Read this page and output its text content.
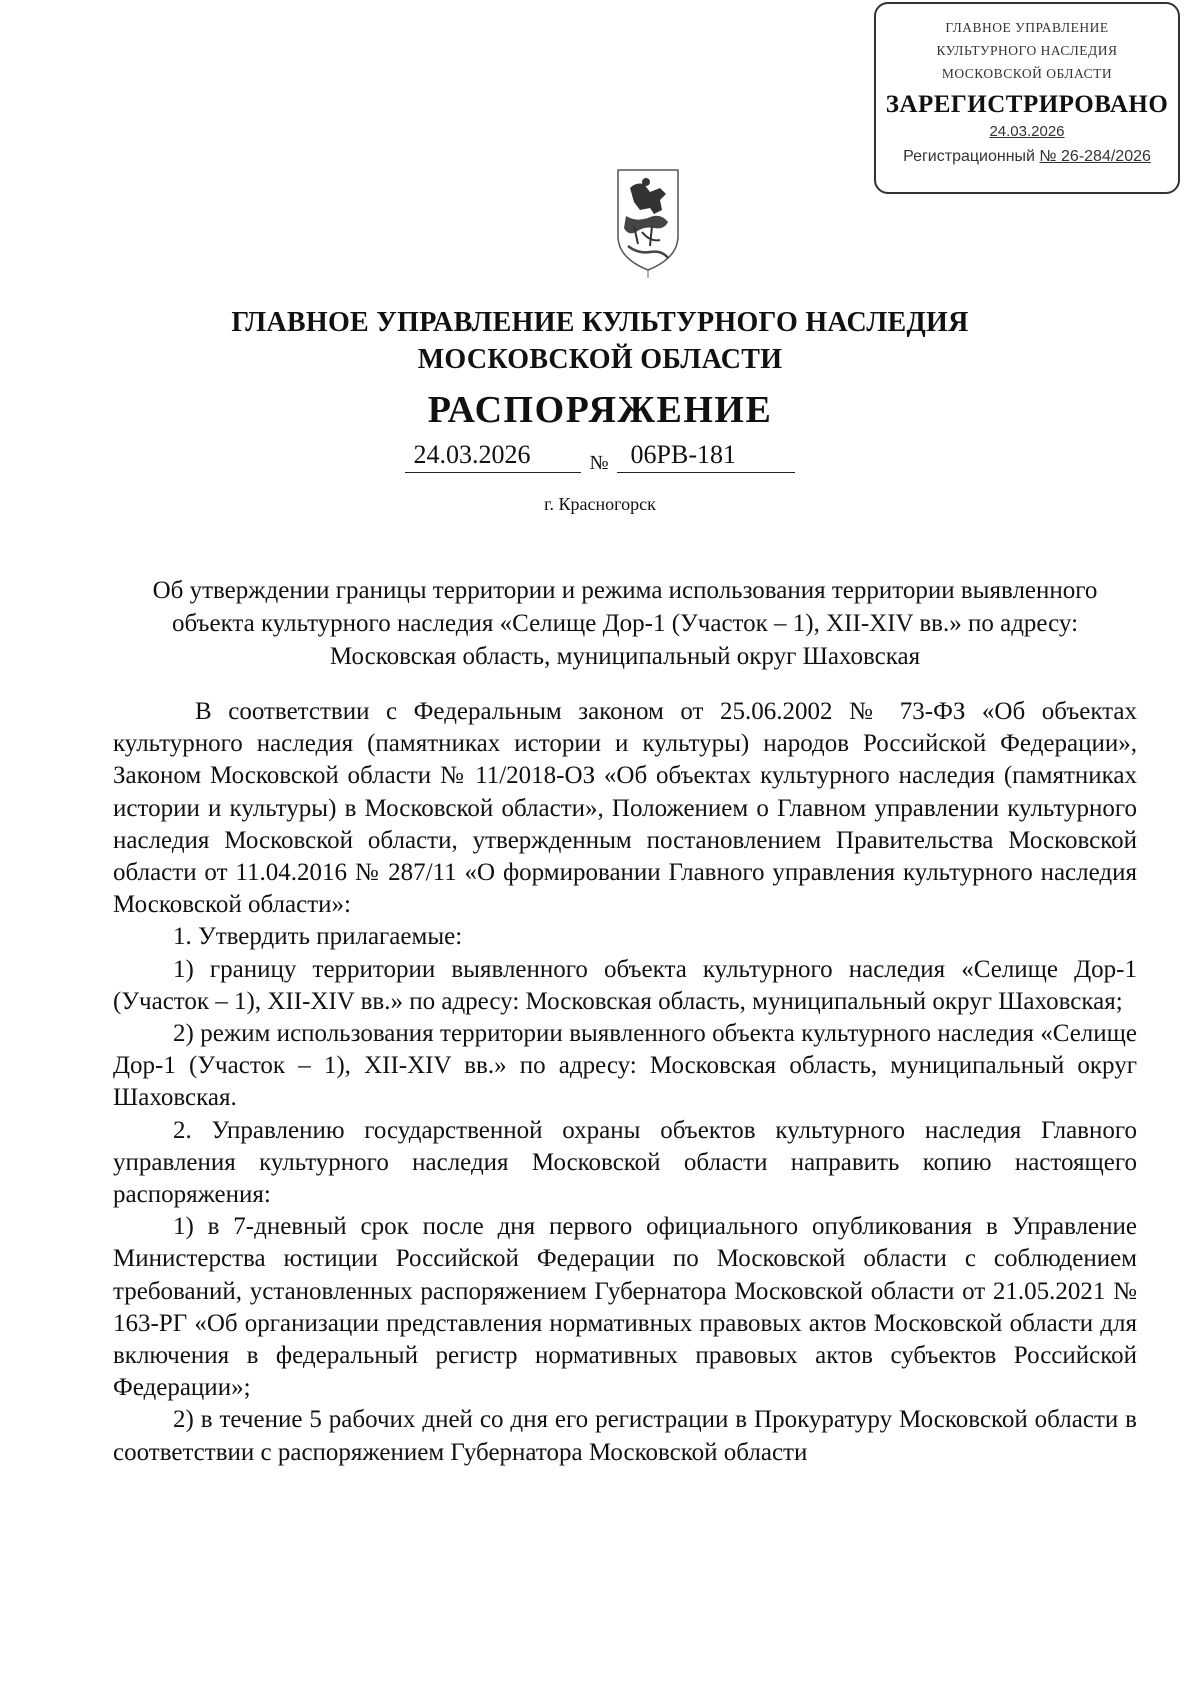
ГЛАВНОЕ УПРАВЛЕНИЕ
КУЛЬТУРНОГО НАСЛЕДИЯ
МОСКОВСКОЙ ОБЛАСТИ
ЗАРЕГИСТРИРОВАНО
24.03.2026
Регистрационный № 26-284/2026
ГЛАВНОЕ УПРАВЛЕНИЕ КУЛЬТУРНОГО НАСЛЕДИЯ
МОСКОВСКОЙ ОБЛАСТИ
РАСПОРЯЖЕНИЕ
24.03.2026	$_№$ 06РВ-181
г. Красногорск
Об утверждении границы территории и режима использования территории выявленного объекта культурного наследия «Селище Дор-1 (Участок – 1), XII-XIV вв.» по адресу: Московская область, муниципальный округ Шаховская

В соответствии с Федеральным законом от 25.06.2002 № 73-ФЗ «Об объектах культурного наследия (памятниках истории и культуры) народов Российской Федерации», Законом Московской области № 11/2018-ОЗ «Об объектах культурного наследия (памятниках истории и культуры) в Московской области», Положением о Главном управлении культурного наследия Московской области, утвержденным постановлением Правительства Московской области от 11.04.2016 № 287/11 «О формировании Главного управления культурного наследия Московской области»:

1. Утвердить прилагаемые:

1) границу территории выявленного объекта культурного наследия «Селище Дор-1 (Участок – 1), XII-XIV вв.» по адресу: Московская область, муниципальный округ Шаховская;

2) режим использования территории выявленного объекта культурного наследия «Селище Дор-1 (Участок – 1), XII-XIV вв.» по адресу: Московская область, муниципальный округ Шаховская.

2. Управлению государственной охраны объектов культурного наследия Главного управления культурного наследия Московской области направить копию настоящего распоряжения:

1) в 7-дневный срок после дня первого официального опубликования в Управление Министерства юстиции Российской Федерации по Московской области с соблюдением требований, установленных распоряжением Губернатора Московской области от 21.05.2021 № 163-РГ «Об организации представления нормативных правовых актов Московской области для включения в федеральный регистр нормативных правовых актов субъектов Российской Федерации»;

2) в течение 5 рабочих дней со дня его регистрации в Прокуратуру Московской области в соответствии с распоряжением Губернатора Московской области
